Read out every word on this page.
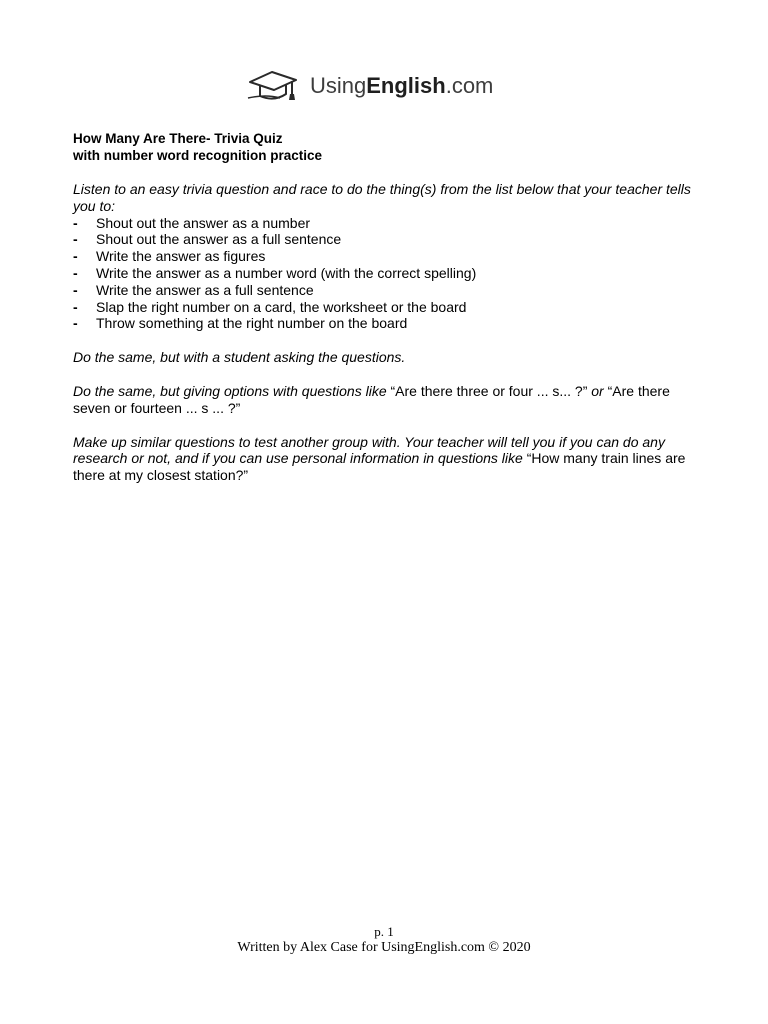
UsingEnglish.com

How Many Are There- Trivia Quiz

with number word recognition practice

Listen to an easy trivia question and race to do the thing(s) from the list below that your teacher tells you to:

-	Shout out the answer as a number
-	Shout out the answer as a full sentence
-	Write the answer as figures
-	Write the answer as a number word (with the correct spelling)
-	Write the answer as a full sentence
-	Slap the right number on a card, the worksheet or the board
-	Throw something at the right number on the board

Do the same, but with a student asking the questions.

Do the same, but giving options with questions like “Are there three or four ... s... ?” or “Are there seven or fourteen ... s ... ?”

Make up similar questions to test another group with. Your teacher will tell you if you can do any research or not, and if you can use personal information in questions like “How many train lines are there at my closest station?”

p. 1
Written by Alex Case for UsingEnglish.com © 2020
